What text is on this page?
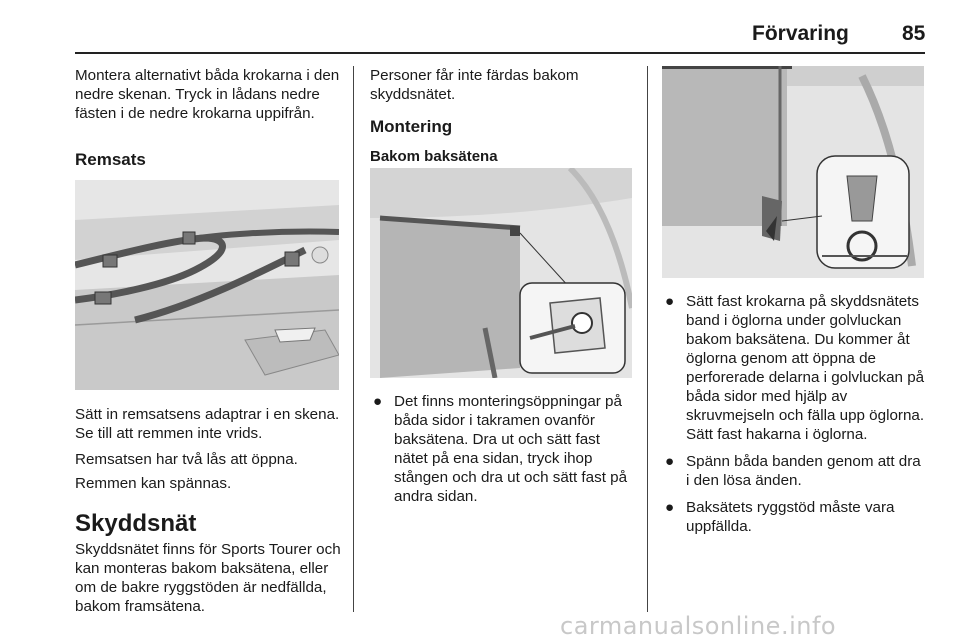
Förvaring	85
Montera alternativt båda krokarna i den nedre skenan. Tryck in lådans nedre fästen i de nedre krokarna uppifrån.
Remsats
Sätt in remsatsens adaptrar i en skena. Se till att remmen inte vrids.
Remsatsen har två lås att öppna.
Remmen kan spännas.
Skyddsnät
Skyddsnätet finns för Sports Tourer och kan monteras bakom baksätena, eller om de bakre ryggstöden är nedfällda, bakom framsätena.
Personer får inte färdas bakom skyddsnätet.
Montering
Bakom baksätena
● Det finns monteringsöppningar på båda sidor i takramen ovanför baksätena. Dra ut och sätt fast nätet på ena sidan, tryck ihop stången och dra ut och sätt fast på andra sidan.
● Sätt fast krokarna på skyddsnätets band i öglorna under golvluckan bakom baksätena. Du kommer åt öglorna genom att öppna de perforerade delarna i golvluckan på båda sidor med hjälp av skruvmejseln och fälla upp öglorna. Sätt fast hakarna i öglorna.
● Spänn båda banden genom att dra i den lösa änden.
● Baksätets ryggstöd måste vara uppfällda.
carmanualsonline.info
